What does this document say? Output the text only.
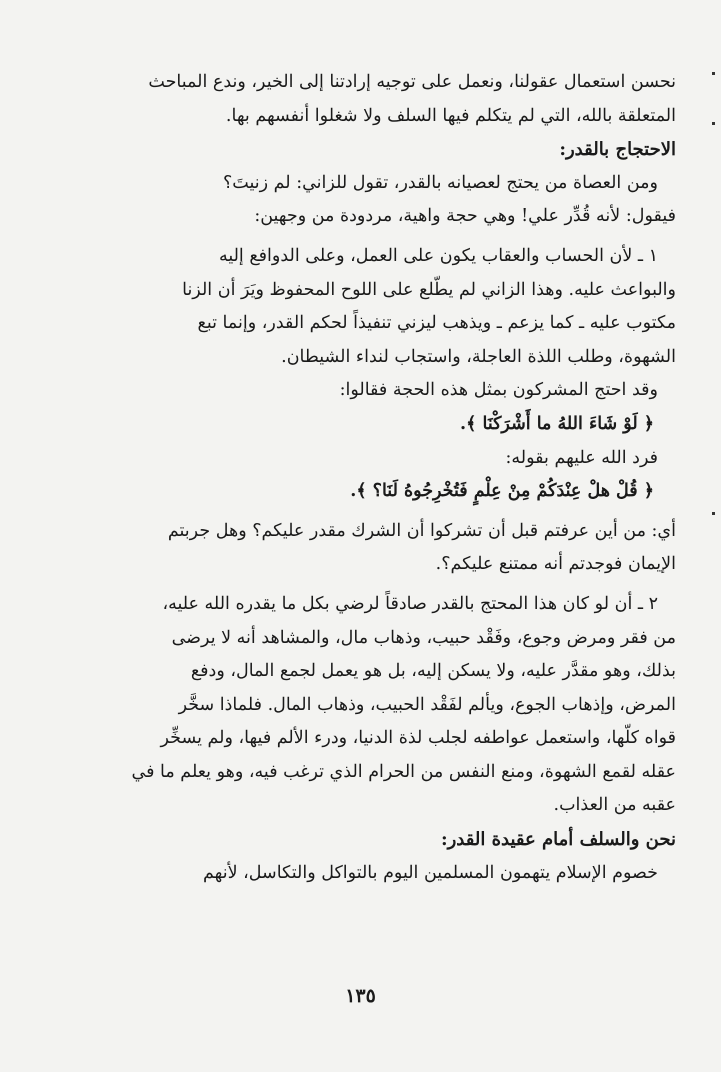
نحسن استعمال عقولنا، ونعمل على توجيه إرادتنا إلى الخير، وندع المباحث
المتعلقة بالله، التي لم يتكلم فيها السلف ولا شغلوا أنفسهم بها.
الاحتجاج بالقدر:
ومن العصاة من يحتج لعصيانه بالقدر، تقول للزاني: لم زنيتَ؟
فيقول: لأنه قُدِّر علي! وهي حجة واهية، مردودة من وجهين:
١ ـ لأن الحساب والعقاب يكون على العمل، وعلى الدوافع إليه
والبواعث عليه. وهذا الزاني لم يطّلع على اللوح المحفوظ ويَرَ أن الزنا
مكتوب عليه ـ كما يزعم ـ ويذهب ليزني تنفيذاً لحكم القدر، وإنما تبع
الشهوة، وطلب اللذة العاجلة، واستجاب لنداء الشيطان.
وقد احتج المشركون بمثل هذه الحجة فقالوا:
﴿ لَوْ شَاءَ اللهُ ما أَشْرَكْنَا ﴾.
فرد الله عليهم بقوله:
﴿ قُلْ هلْ عِنْدَكُمْ مِنْ عِلْمٍ فَتُخْرِجُوهُ لَنَا؟ ﴾.
أي: من أين عرفتم قبل أن تشركوا أن الشرك مقدر عليكم؟ وهل جربتم
الإيمان فوجدتم أنه ممتنع عليكم؟.
٢ ـ أن لو كان هذا المحتج بالقدر صادقاً لرضي بكل ما يقدره الله عليه،
من فقر ومرض وجوع، وفَقْد حبيب، وذهاب مال، والمشاهد أنه لا يرضى
بذلك، وهو مقدَّر عليه، ولا يسكن إليه، بل هو يعمل لجمع المال، ودفع
المرض، وإذهاب الجوع، ويألم لفَقْد الحبيب، وذهاب المال. فلماذا سخَّر
قواه كلّها، واستعمل عواطفه لجلب لذة الدنيا، ودرء الألم فيها، ولم يسخِّر
عقله لقمع الشهوة، ومنع النفس من الحرام الذي ترغب فيه، وهو يعلم ما في
عقبه من العذاب.
نحن والسلف أمام عقيدة القدر:
خصوم الإسلام يتهمون المسلمين اليوم بالتواكل والتكاسل، لأنهم
١٣٥
